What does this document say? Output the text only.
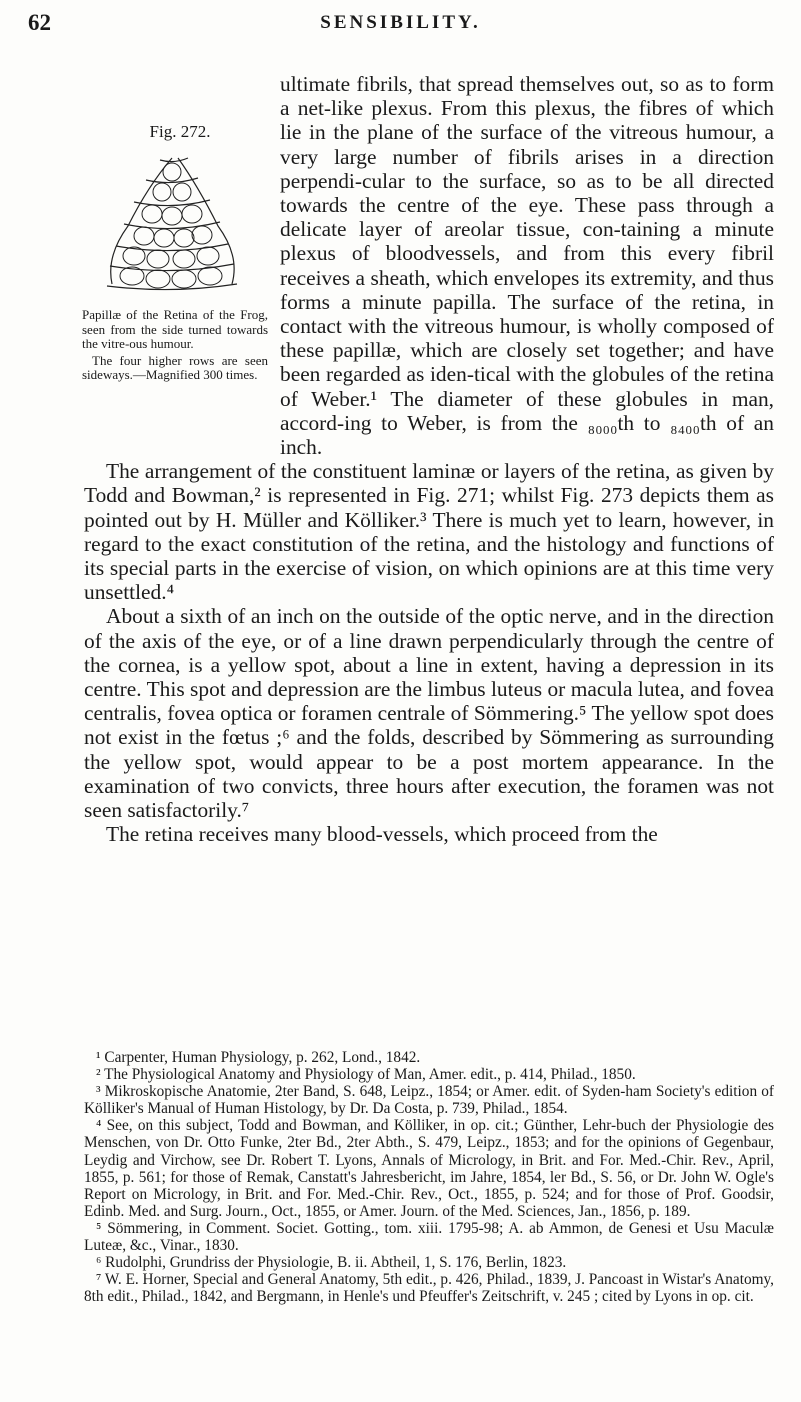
62	SENSIBILITY.
Fig. 272.
Papillæ of the Retina of the Frog, seen from the side turned towards the vitre-ous humour.
The four higher rows are seen sideways.—Magnified 300 times.

ultimate fibrils, that spread themselves out, so as to form a net-like plexus. From this plexus, the fibres of which lie in the plane of the surface of the vitreous humour, a very large number of fibrils arises in a direction perpendi-cular to the surface, so as to be all directed towards the centre of the eye. These pass through a delicate layer of areolar tissue, con-taining a minute plexus of bloodvessels, and from this every fibril receives a sheath, which envelopes its extremity, and thus forms a minute papilla. The surface of the retina, in contact with the vitreous humour, is wholly composed of these papillæ, which are closely set together; and have been regarded as iden-tical with the globules of the retina of Weber.¹ The diameter of these globules in man, accord-ing to Weber, is from the ₈₀₀₀th to ₈₄₀₀th of an inch.

The arrangement of the constituent laminæ or layers of the retina, as given by Todd and Bowman,² is represented in Fig. 271; whilst Fig. 273 depicts them as pointed out by H. Müller and Kölliker.³ There is much yet to learn, however, in regard to the exact constitution of the retina, and the histology and functions of its special parts in the exercise of vision, on which opinions are at this time very unsettled.⁴

About a sixth of an inch on the outside of the optic nerve, and in the direction of the axis of the eye, or of a line drawn perpendicularly through the centre of the cornea, is a yellow spot, about a line in extent, having a depression in its centre. This spot and depression are the limbus luteus or macula lutea, and fovea centralis, fovea optica or foramen centrale of Sömmering.⁵ The yellow spot does not exist in the fœtus ;⁶ and the folds, described by Sömmering as surrounding the yellow spot, would appear to be a post mortem appearance. In the examination of two convicts, three hours after execution, the foramen was not seen satisfactorily.⁷

The retina receives many blood-vessels, which proceed from the

¹ Carpenter, Human Physiology, p. 262, Lond., 1842.

² The Physiological Anatomy and Physiology of Man, Amer. edit., p. 414, Philad., 1850.

³ Mikroskopische Anatomie, 2ter Band, S. 648, Leipz., 1854; or Amer. edit. of Syden-ham Society's edition of Kölliker's Manual of Human Histology, by Dr. Da Costa, p. 739, Philad., 1854.

⁴ See, on this subject, Todd and Bowman, and Kölliker, in op. cit.; Günther, Lehr-buch der Physiologie des Menschen, von Dr. Otto Funke, 2ter Bd., 2ter Abth., S. 479, Leipz., 1853; and for the opinions of Gegenbaur, Leydig and Virchow, see Dr. Robert T. Lyons, Annals of Micrology, in Brit. and For. Med.-Chir. Rev., April, 1855, p. 561; for those of Remak, Canstatt's Jahresbericht, im Jahre, 1854, ler Bd., S. 56, or Dr. John W. Ogle's Report on Micrology, in Brit. and For. Med.-Chir. Rev., Oct., 1855, p. 524; and for those of Prof. Goodsir, Edinb. Med. and Surg. Journ., Oct., 1855, or Amer. Journ. of the Med. Sciences, Jan., 1856, p. 189.

⁵ Sömmering, in Comment. Societ. Gotting., tom. xiii. 1795-98; A. ab Ammon, de Genesi et Usu Maculæ Luteæ, &c., Vinar., 1830.

⁶ Rudolphi, Grundriss der Physiologie, B. ii. Abtheil, 1, S. 176, Berlin, 1823.

⁷ W. E. Horner, Special and General Anatomy, 5th edit., p. 426, Philad., 1839, J. Pancoast in Wistar's Anatomy, 8th edit., Philad., 1842, and Bergmann, in Henle's und Pfeuffer's Zeitschrift, v. 245 ; cited by Lyons in op. cit.
